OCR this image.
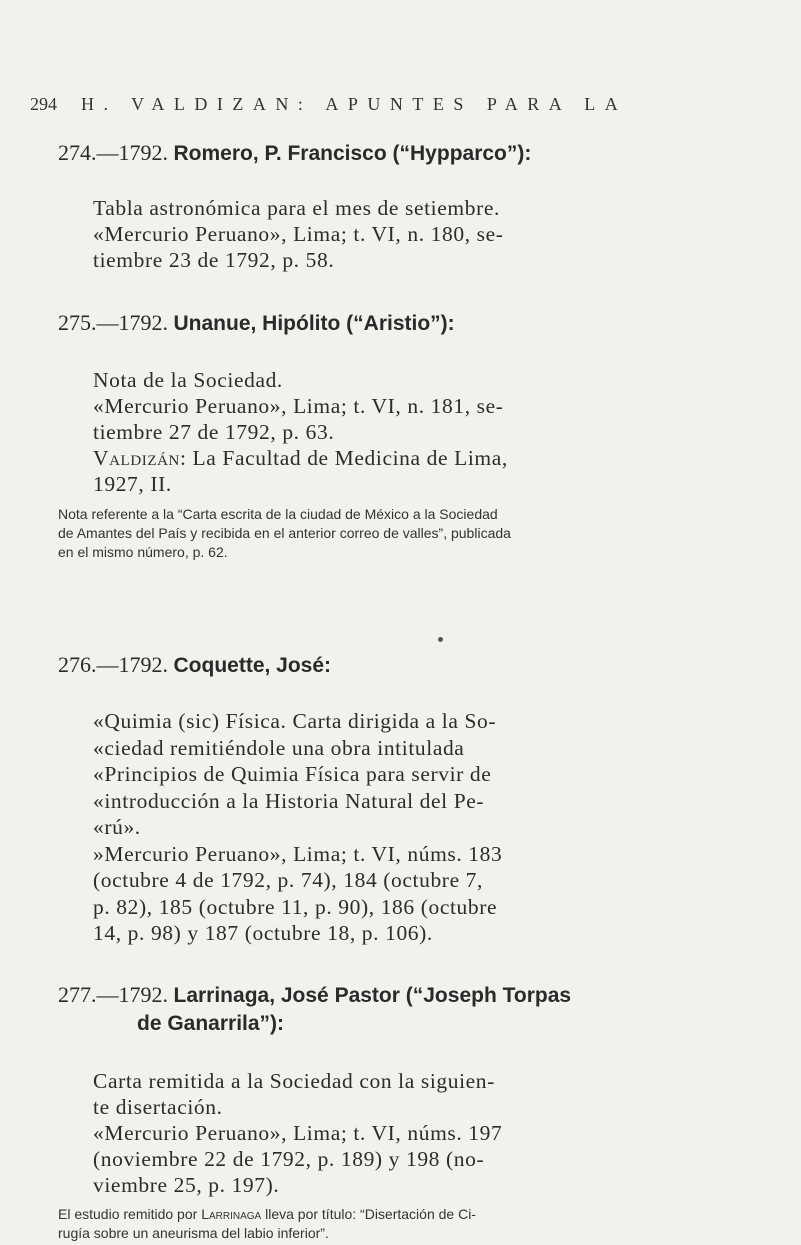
294 H. VALDIZAN: APUNTES PARA LA
274.—1792. Romero, P. Francisco (“Hypparco”):

Tabla astronómica para el mes de setiembre.

«Mercurio Peruano», Lima; t. VI, n. 180, se-

tiembre 23 de 1792, p. 58.

275.—1792. Unanue, Hipólito (“Aristio”):

Nota de la Sociedad.

«Mercurio Peruano», Lima; t. VI, n. 181, se-

tiembre 27 de 1792, p. 63.

Valdizán: La Facultad de Medicina de Lima,

1927, II.

Nota referente a la “Carta escrita de la ciudad de México a la Sociedad

de Amantes del País y recibida en el anterior correo de valles”, publicada

en el mismo número, p. 62.

276.—1792. Coquette, José:

«Quimia (sic) Física. Carta dirigida a la So-

«ciedad remitiéndole una obra intitulada

«Principios de Quimia Física para servir de

«introducción a la Historia Natural del Pe-

«rú».

»Mercurio Peruano», Lima; t. VI, núms. 183

(octubre 4 de 1792, p. 74), 184 (octubre 7,

p. 82), 185 (octubre 11, p. 90), 186 (octubre

14, p. 98) y 187 (octubre 18, p. 106).

277.—1792. Larrinaga, José Pastor (“Joseph Torpas
de Ganarrila”):

Carta remitida a la Sociedad con la siguien-

te disertación.

«Mercurio Peruano», Lima; t. VI, núms. 197

(noviembre 22 de 1792, p. 189) y 198 (no-

viembre 25, p. 197).

El estudio remitido por Larrinaga lleva por título: “Disertación de Ci-

rugía sobre un aneurisma del labio inferior”.
